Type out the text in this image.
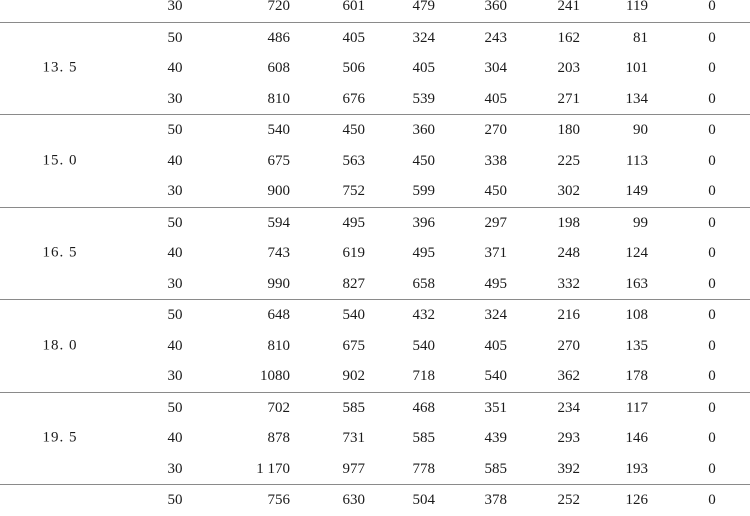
30	720	601	479	360	241	119	0
13. 5
50	486	405	324	243	162	81	0
40	608	506	405	304	203	101	0
30	810	676	539	405	271	134	0
15. 0
50	540	450	360	270	180	90	0
40	675	563	450	338	225	113	0
30	900	752	599	450	302	149	0
16. 5
50	594	495	396	297	198	99	0
40	743	619	495	371	248	124	0
30	990	827	658	495	332	163	0
18. 0
50	648	540	432	324	216	108	0
40	810	675	540	405	270	135	0
30	1080	902	718	540	362	178	0
19. 5
50	702	585	468	351	234	117	0
40	878	731	585	439	293	146	0
30	1 170	977	778	585	392	193	0
50	756	630	504	378	252	126	0
